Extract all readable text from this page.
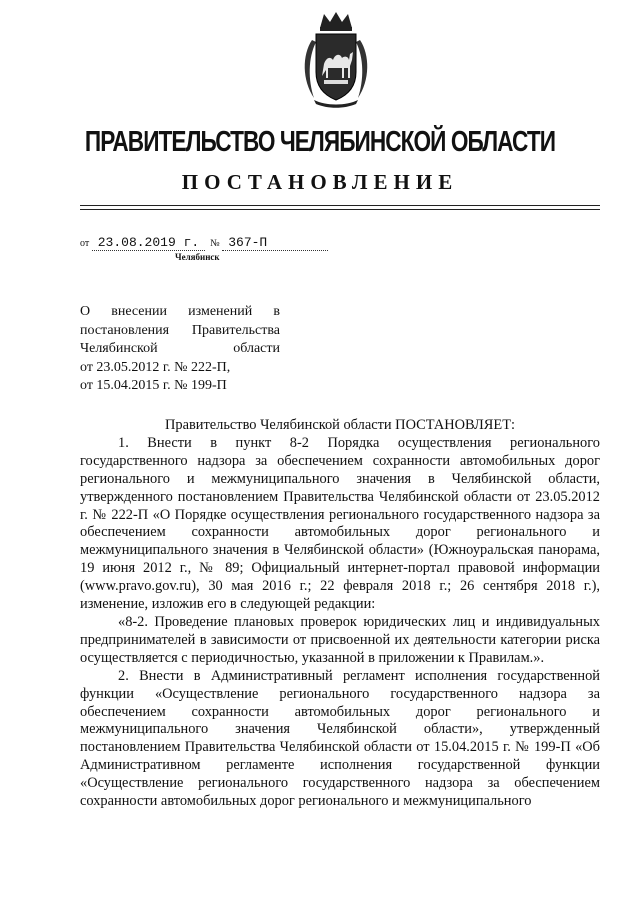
ПРАВИТЕЛЬСТВО ЧЕЛЯБИНСКОЙ ОБЛАСТИ
ПОСТАНОВЛЕНИЕ
от 23.08.2019 г. № 367-П
Челябинск
О внесении изменений в
постановления Правительства
Челябинской области
от 23.05.2012 г. № 222-П,
от 15.04.2015 г. № 199-П

Правительство Челябинской области ПОСТАНОВЛЯЕТ:

1. Внести в пункт 8-2 Порядка осуществления регионального государственного надзора за обеспечением сохранности автомобильных дорог регионального и межмуниципального значения в Челябинской области, утвержденного постановлением Правительства Челябинской области от 23.05.2012 г. № 222-П «О Порядке осуществления регионального государственного надзора за обеспечением сохранности автомобильных дорог регионального и межмуниципального значения в Челябинской области» (Южноуральская панорама, 19 июня 2012 г., № 89; Официальный интернет-портал правовой информации (www.pravo.gov.ru), 30 мая 2016 г.; 22 февраля 2018 г.; 26 сентября 2018 г.), изменение, изложив его в следующей редакции:

«8-2. Проведение плановых проверок юридических лиц и индивидуальных предпринимателей в зависимости от присвоенной их деятельности категории риска осуществляется с периодичностью, указанной в приложении к Правилам.».

2. Внести в Административный регламент исполнения государственной функции «Осуществление регионального государственного надзора за обеспечением сохранности автомобильных дорог регионального и межмуниципального значения Челябинской области», утвержденный постановлением Правительства Челябинской области от 15.04.2015 г. № 199-П «Об Административном регламенте исполнения государственной функции «Осуществление регионального государственного надзора за обеспечением сохранности автомобильных дорог регионального и межмуниципального
